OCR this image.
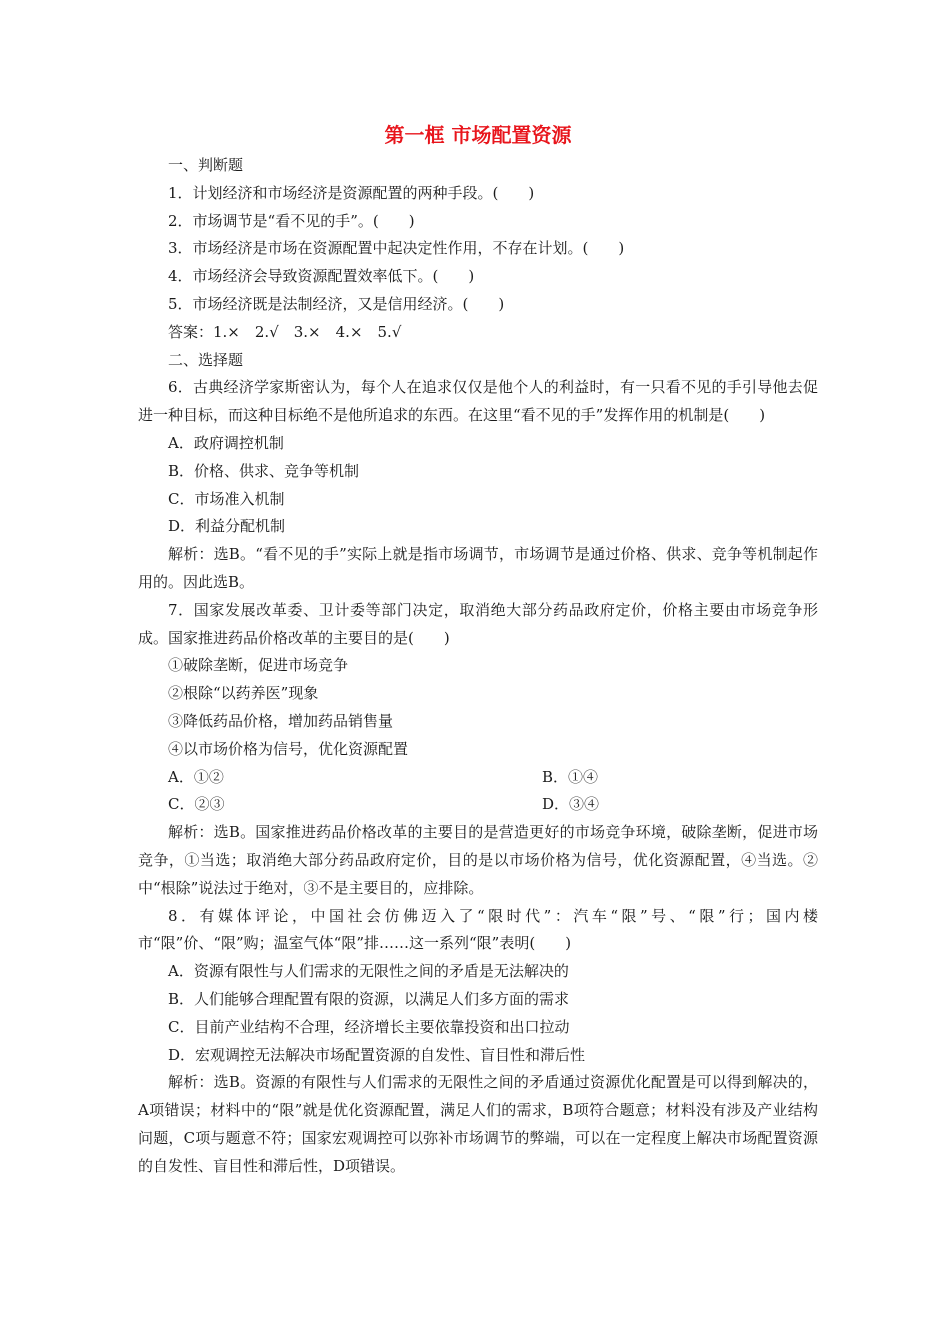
第一框 市场配置资源
一、判断题
1．计划经济和市场经济是资源配置的两种手段。(　　)
2．市场调节是“看不见的手”。(　　)
3．市场经济是市场在资源配置中起决定性作用，不存在计划。(　　)
4．市场经济会导致资源配置效率低下。(　　)
5．市场经济既是法制经济，又是信用经济。(　　)
答案：1.×　2.√　3.×　4.×　5.√
二、选择题
6．古典经济学家斯密认为，每个人在追求仅仅是他个人的利益时，有一只看不见的手引导他去促进一种目标，而这种目标绝不是他所追求的东西。在这里“看不见的手”发挥作用的机制是(　　)
A．政府调控机制
B．价格、供求、竞争等机制
C．市场准入机制
D．利益分配机制
解析：选B。“看不见的手”实际上就是指市场调节，市场调节是通过价格、供求、竞争等机制起作用的。因此选B。
7．国家发展改革委、卫计委等部门决定，取消绝大部分药品政府定价，价格主要由市场竞争形成。国家推进药品价格改革的主要目的是(　　)
①破除垄断，促进市场竞争
②根除“以药养医”现象
③降低药品价格，增加药品销售量
④以市场价格为信号，优化资源配置
A．①②	B．①④
C．②③	D．③④
解析：选B。国家推进药品价格改革的主要目的是营造更好的市场竞争环境，破除垄断，促进市场竞争，①当选；取消绝大部分药品政府定价，目的是以市场价格为信号，优化资源配置，④当选。②中“根除”说法过于绝对，③不是主要目的，应排除。
8．有媒体评论，中国社会仿佛迈入了“限时代”：汽车“限”号、“限”行；国内楼市“限”价、“限”购；温室气体“限”排……这一系列“限”表明(　　)
A．资源有限性与人们需求的无限性之间的矛盾是无法解决的
B．人们能够合理配置有限的资源，以满足人们多方面的需求
C．目前产业结构不合理，经济增长主要依靠投资和出口拉动
D．宏观调控无法解决市场配置资源的自发性、盲目性和滞后性
解析：选B。资源的有限性与人们需求的无限性之间的矛盾通过资源优化配置是可以得到解决的，A项错误；材料中的“限”就是优化资源配置，满足人们的需求，B项符合题意；材料没有涉及产业结构问题，C项与题意不符；国家宏观调控可以弥补市场调节的弊端，可以在一定程度上解决市场配置资源的自发性、盲目性和滞后性，D项错误。
